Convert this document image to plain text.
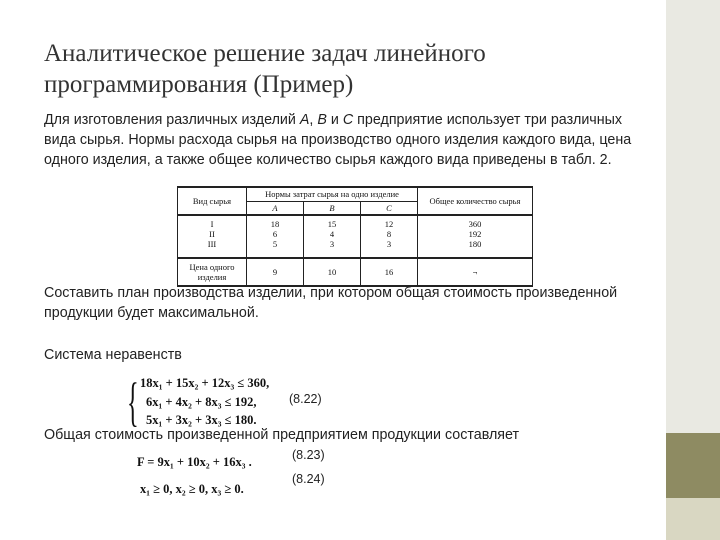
Аналитическое решение задач линейного программирования (Пример)

Для изготовления различных изделий A, B и C предприятие использует три различных вида сырья. Нормы расхода сырья на производство одного изделия каждого вида, цена одного изделия, а также общее количество сырья каждого вида приведены в табл. 2.

Вид сырья	Нормы затрат сырья на одно изделие			Общее количество сырья
	A	B	C	
I	18	15	12	360
II	6	4	8	192
III	5	3	3	180
Цена одного изделия	9	10	16	¬

Составить план производства изделии, при котором общая стоимость произведенной продукции будет максимальной.

Система неравенств

{ 18x₁ + 15x₂ + 12x₃ ≤ 360,
6x₁ + 4x₂ + 8x₃ ≤ 192,
5x₁ + 3x₂ + 3x₃ ≤ 180.
(8.22)

Общая стоимость произведенной предприятием продукции составляет

F = 9x₁ + 10x₂ + 16x₃ .	(8.23)
x₁ ≥ 0, x₂ ≥ 0, x₃ ≥ 0.
(8.24)
